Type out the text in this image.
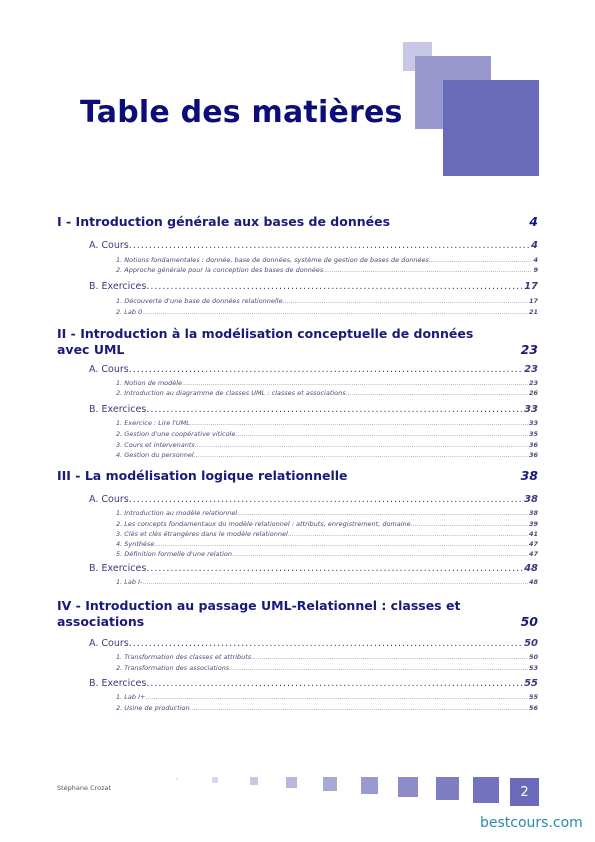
Table des matières
I - Introduction générale aux bases de données	4
A. Cours .....	4
1. Notions fondamentales : donnée, base de données, système de gestion de bases de données .....	4
2. Approche générale pour la conception des bases de données .....	9
B. Exercices .....	17
1. Découverte d'une base de données relationnelle .....	17
2. Lab 0 .....	21
II - Introduction à la modélisation conceptuelle de données avec UML	23
A. Cours .....	23
1. Notion de modèle .....	23
2. Introduction au diagramme de classes UML : classes et associations .....	26
B. Exercices .....	33
1. Exercice : Lire l'UML .....	33
2. Gestion d'une coopérative viticole .....	35
3. Cours et intervenants .....	36
4. Gestion du personnel .....	36
III - La modélisation logique relationnelle	38
A. Cours .....	38
1. Introduction au modèle relationnel .....	38
2. Les concepts fondamentaux du modèle relationnel : attributs, enregistrement, domaine .....	39
3. Clés et clés étrangères dans le modèle relationnel .....	41
4. Synthèse .....	47
5. Définition formelle d'une relation .....	47
B. Exercices .....	48
1. Lab I- .....	48
IV - Introduction au passage UML-Relationnel : classes et associations	50
A. Cours .....	50
1. Transformation des classes et attributs .....	50
2. Transformation des associations .....	53
B. Exercices .....	55
1. Lab I+ .....	55
2. Usine de production .....	56
Stéphane Crozat	2
bestcours.com
